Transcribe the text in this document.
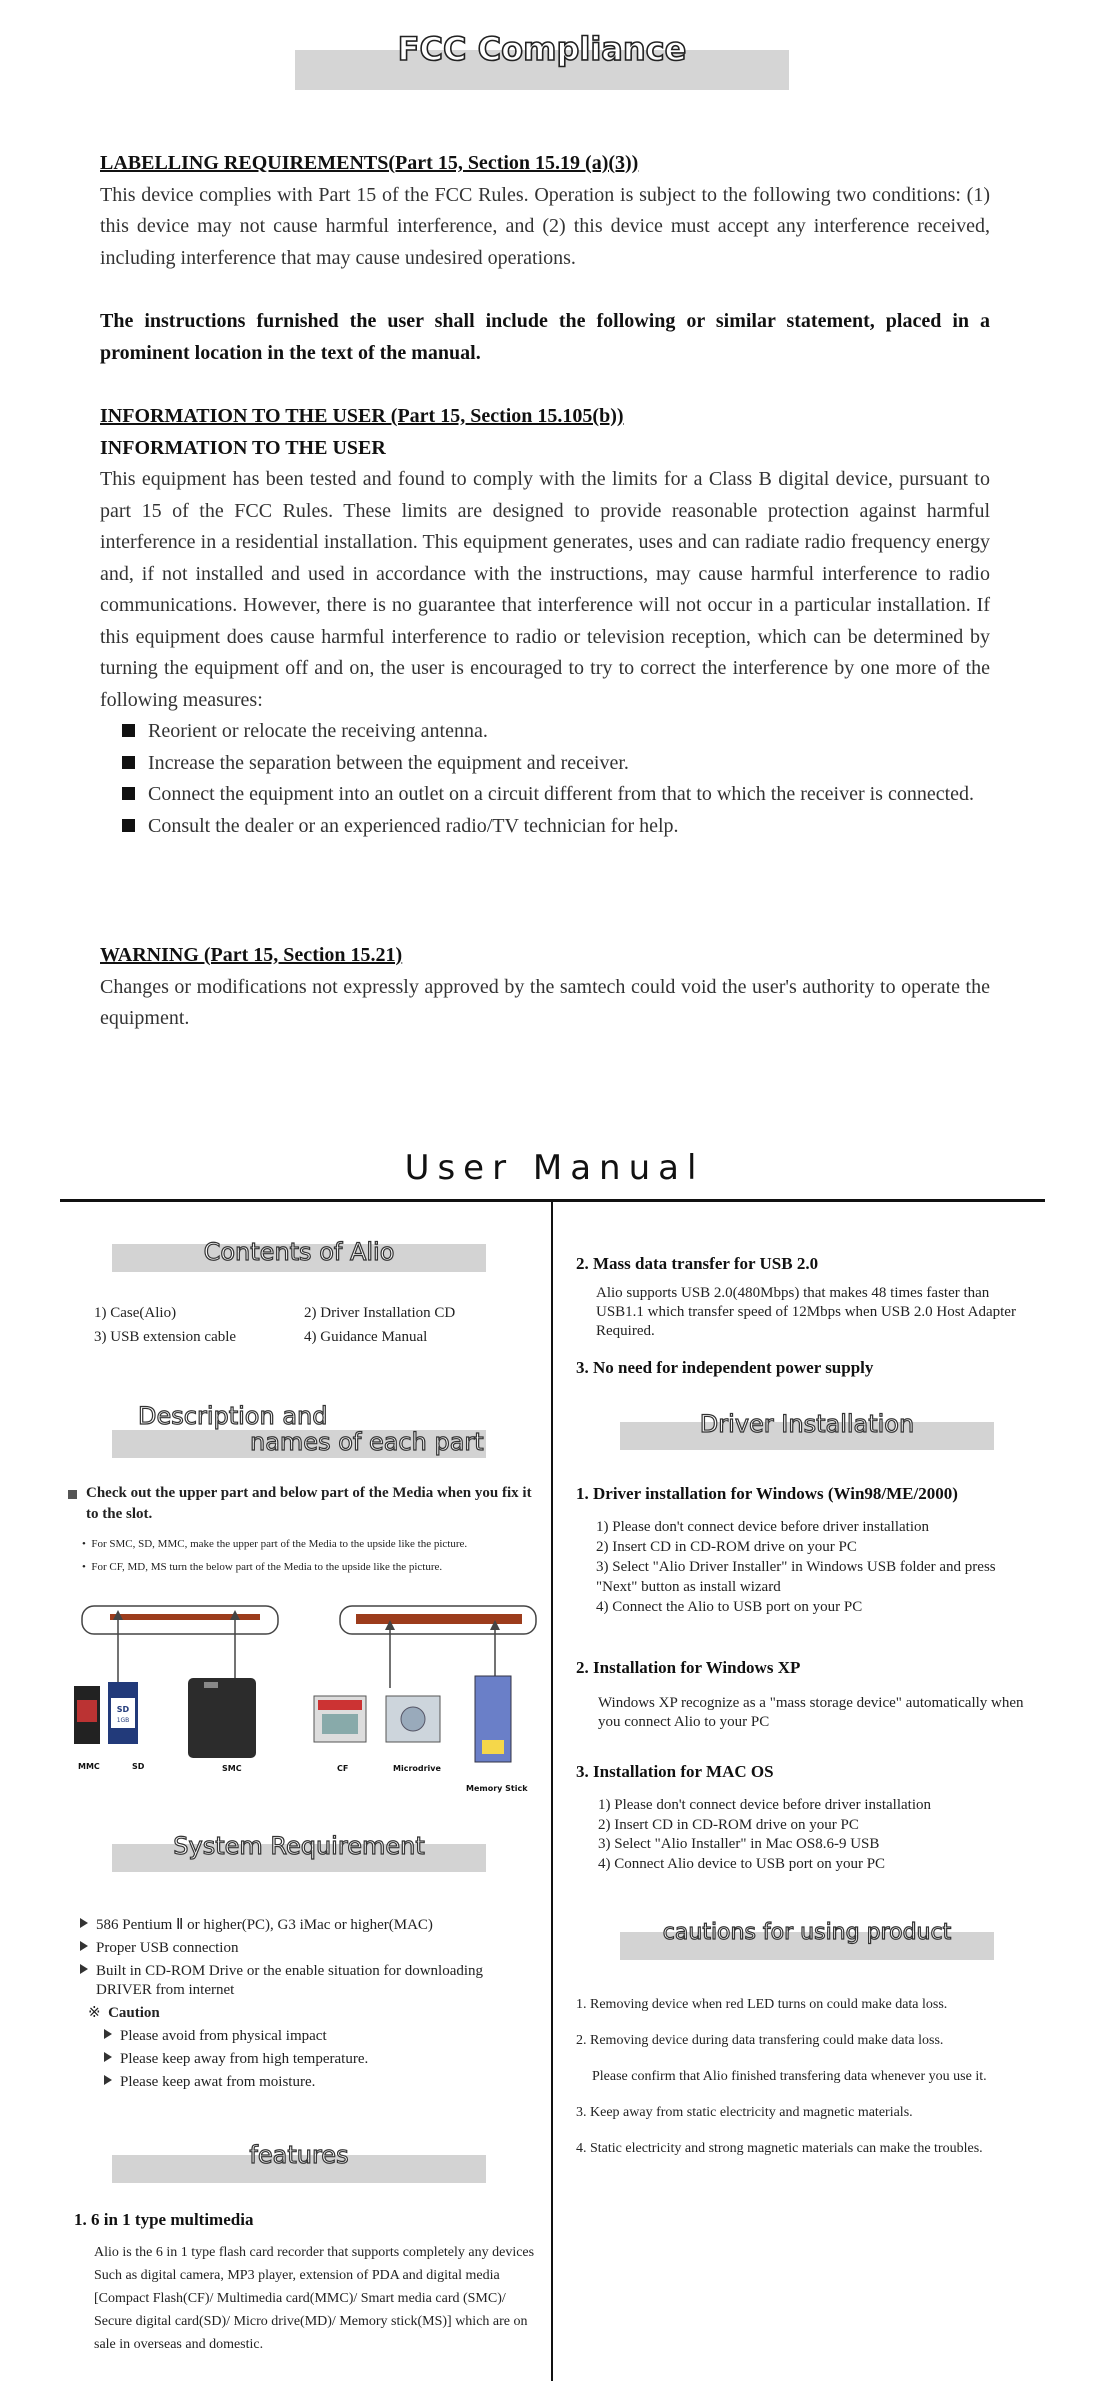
FCC Compliance
LABELLING REQUIREMENTS(Part 15, Section 15.19 (a)(3))

This device complies with Part 15 of the FCC Rules. Operation is subject to the following two conditions: (1) this device may not cause harmful interference, and (2) this device must accept any interference received, including interference that may cause undesired operations.

The instructions furnished the user shall include the following or similar statement, placed in a prominent location in the text of the manual.

INFORMATION TO THE USER (Part 15, Section 15.105(b))
INFORMATION TO THE USER

This equipment has been tested and found to comply with the limits for a Class B digital device, pursuant to part 15 of the FCC Rules. These limits are designed to provide reasonable protection against harmful interference in a residential installation. This equipment generates, uses and can radiate radio frequency energy and, if not installed and used in accordance with the instructions, may cause harmful interference to radio communications. However, there is no guarantee that interference will not occur in a particular installation. If this equipment does cause harmful interference to radio or television reception, which can be determined by turning the equipment off and on, the user is encouraged to try to correct the interference by one more of the following measures:

Reorient or relocate the receiving antenna.
Increase the separation between the equipment and receiver.
Connect the equipment into an outlet on a circuit different from that to which the receiver is connected.
Consult the dealer or an experienced radio/TV technician for help.
WARNING (Part 15, Section 15.21)

Changes or modifications not expressly approved by the samtech could void the user's authority to operate the equipment.

User Manual
Contents of Alio
1) Case(Alio)	2) Driver Installation CD
3) USB extension cable	4) Guidance Manual
Description and
names of each part
Check out the upper part and below part of the Media when you fix it to the slot.
•  For SMC, SD, MMC, make the upper part of the Media to the upside like the picture.
•  For CF, MD, MS turn the below part of the Media to the upside like the picture.
SD
1GB
MMC	SD	SMC	CF	Microdrive
Memory Stick
System Requirement
586 Pentium Ⅱ or higher(PC), G3 iMac or higher(MAC)
Proper USB connection
Built in CD-ROM Drive or the enable situation for downloading DRIVER from internet
※ Caution
Please avoid from physical impact
Please keep away from high temperature.
Please keep awat from moisture.
features
1. 6 in 1 type multimedia
Alio is the 6 in 1 type flash card recorder that supports completely any devices Such as digital camera, MP3 player, extension of PDA and digital media [Compact Flash(CF)/ Multimedia card(MMC)/ Smart media card (SMC)/ Secure digital card(SD)/ Micro drive(MD)/ Memory stick(MS)] which are on sale in overseas and domestic.
2. Mass data transfer for USB 2.0
Alio supports USB 2.0(480Mbps) that makes 48 times faster than USB1.1 which transfer speed of 12Mbps when USB 2.0 Host Adapter Required.
3. No need for independent power supply
Driver Installation
1. Driver installation for Windows (Win98/ME/2000)
1) Please don't connect device before driver installation
2) Insert CD in CD-ROM drive on your PC
3) Select "Alio Driver Installer" in Windows USB folder and press "Next" button as install wizard
4) Connect the Alio to USB port on your PC
2. Installation for Windows XP
Windows XP recognize as a "mass storage device" automatically when you connect Alio to your PC
3. Installation for MAC OS
1) Please don't connect device before driver installation
2) Insert CD in CD-ROM drive on your PC
3) Select "Alio Installer" in Mac OS8.6-9 USB
4) Connect Alio device to USB port on your PC
cautions for using product
1. Removing device when red LED turns on could make data loss.
2. Removing device during data transfering could make data loss.
Please confirm that Alio finished transfering data whenever you use it.
3. Keep away from static electricity and magnetic materials.
4. Static electricity and strong magnetic materials can make the troubles.
